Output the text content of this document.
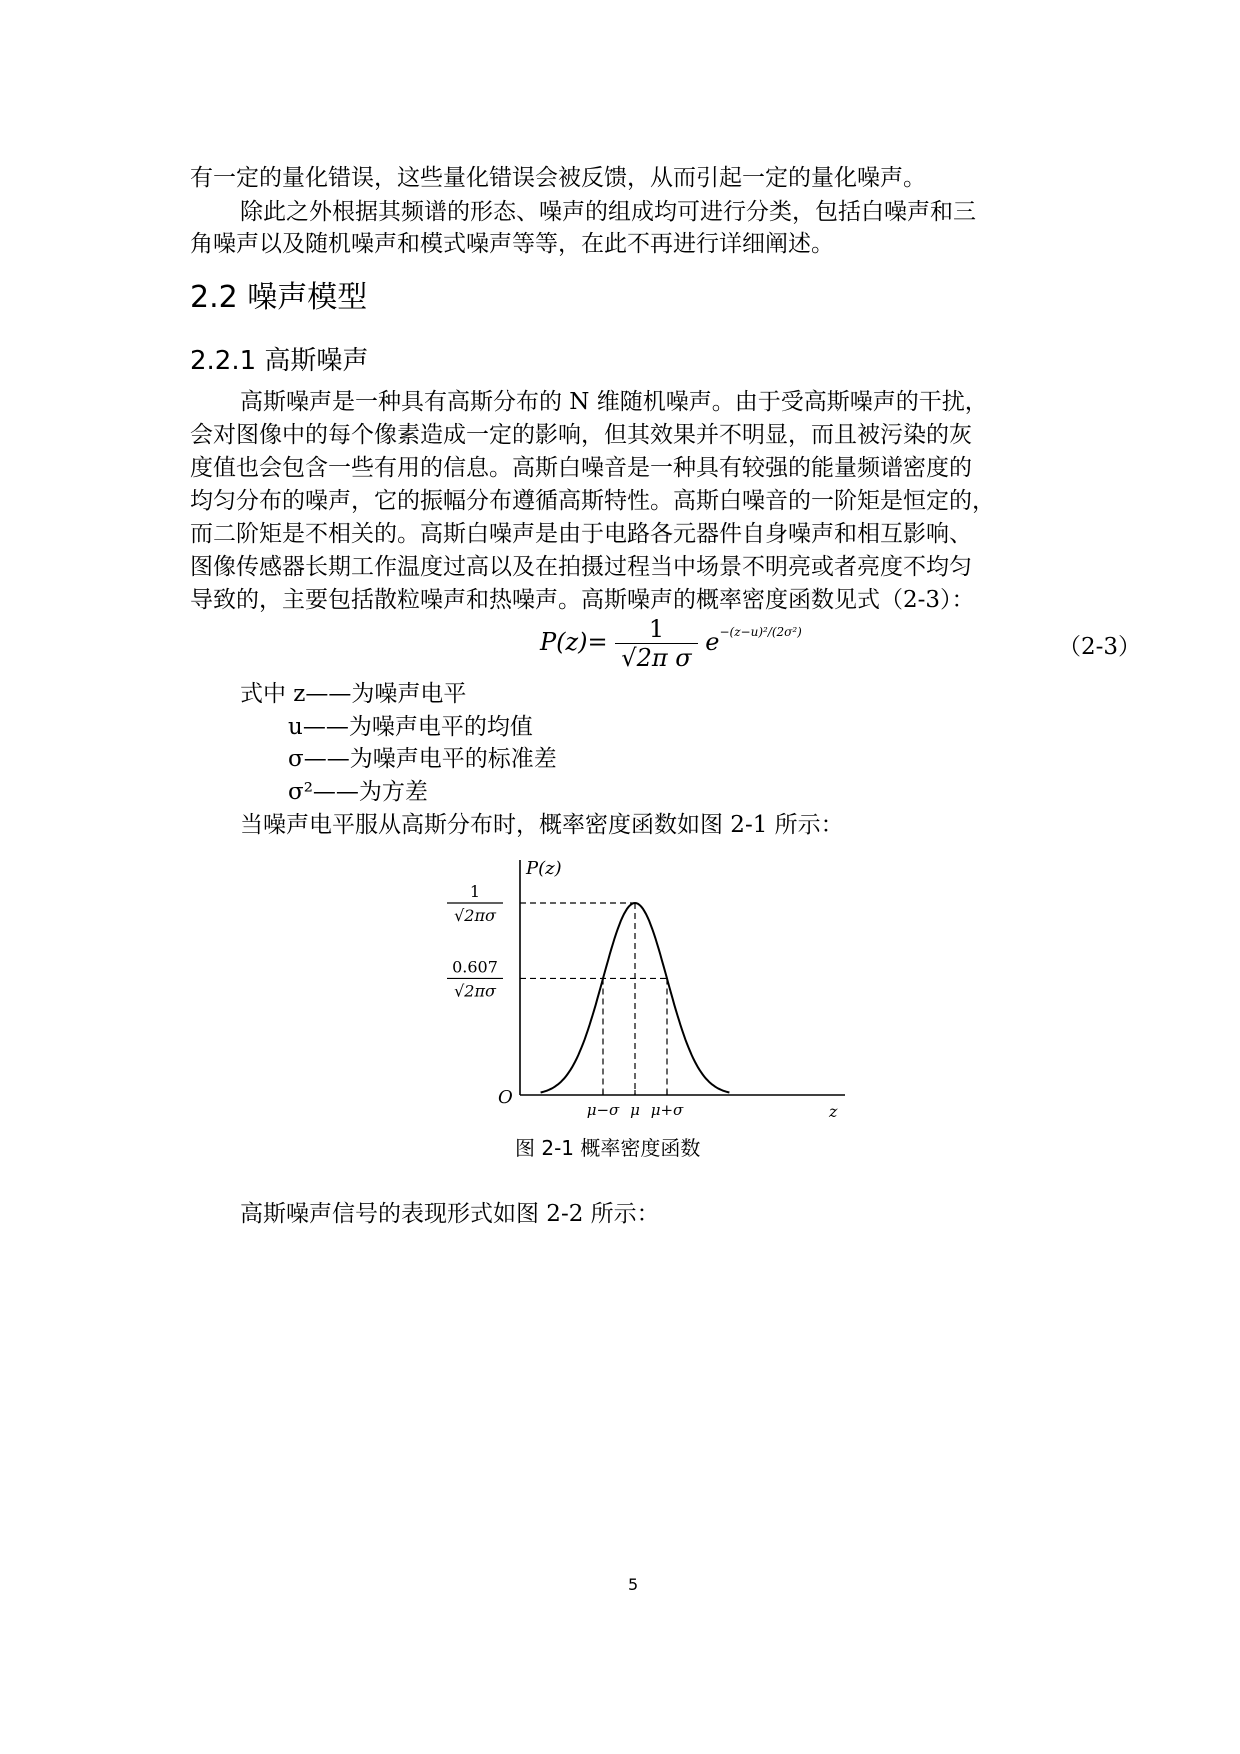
有一定的量化错误，这些量化错误会被反馈，从而引起一定的量化噪声。
除此之外根据其频谱的形态、噪声的组成均可进行分类，包括白噪声和三
角噪声以及随机噪声和模式噪声等等，在此不再进行详细阐述。
2.2 噪声模型
2.2.1 高斯噪声
高斯噪声是一种具有高斯分布的 N 维随机噪声。由于受高斯噪声的干扰，
会对图像中的每个像素造成一定的影响，但其效果并不明显，而且被污染的灰
度值也会包含一些有用的信息。高斯白噪音是一种具有较强的能量频谱密度的
均匀分布的噪声，它的振幅分布遵循高斯特性。高斯白噪音的一阶矩是恒定的，
而二阶矩是不相关的。高斯白噪声是由于电路各元器件自身噪声和相互影响、
图像传感器长期工作温度过高以及在拍摄过程当中场景不明亮或者亮度不均匀
导致的，主要包括散粒噪声和热噪声。高斯噪声的概率密度函数见式（2-3）：
$P(z)= \frac{1}{\text{√2π σ}} e^{-(z-u)^2/(2\sigma^2)}$
（2-3）
式中 z——为噪声电平
u——为噪声电平的均值
σ——为噪声电平的标准差
σ²——为方差
当噪声电平服从高斯分布时，概率密度函数如图 2-1 所示：
P(z)
z
O
μ−σ μ μ+σ
1
√2πσ
0.607
√2πσ
图 2-1 概率密度函数
高斯噪声信号的表现形式如图 2-2 所示：
5
